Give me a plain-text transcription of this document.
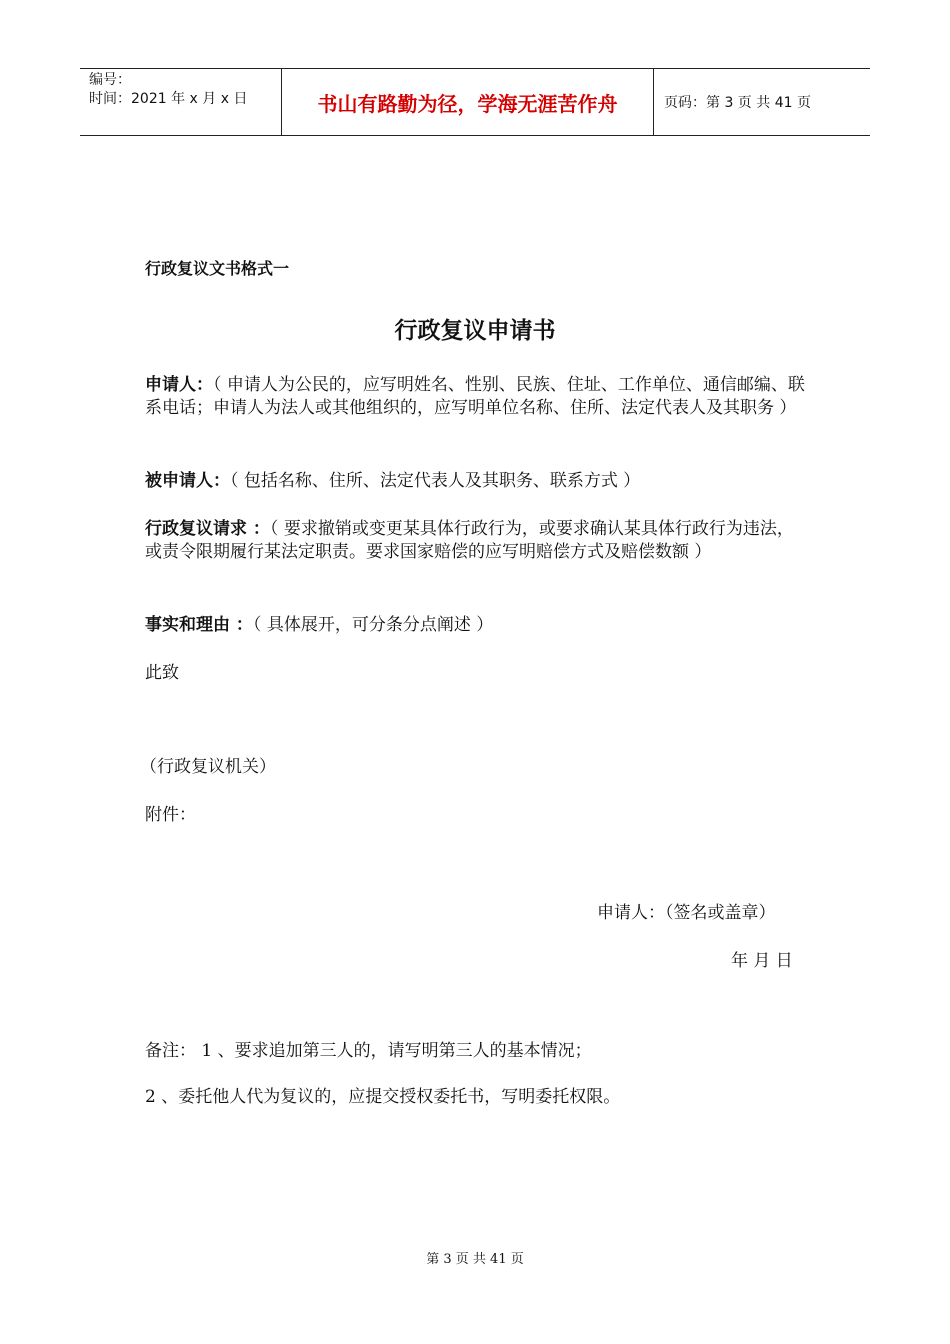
编号：
时间：2021 年 x 月 x 日	书山有路勤为径，学海无涯苦作舟	页码：第 3 页 共 41 页
行政复议文书格式一
行政复议申请书
申请人：（ 申请人为公民的，应写明姓名、性别、民族、住址、工作单位、通信邮编、联系电话；申请人为法人或其他组织的，应写明单位名称、住所、法定代表人及其职务 ）
被申请人：（ 包括名称、住所、法定代表人及其职务、联系方式 ）
行政复议请求 ：（ 要求撤销或变更某具体行政行为，或要求确认某具体行政行为违法，或责令限期履行某法定职责。要求国家赔偿的应写明赔偿方式及赔偿数额 ）
事实和理由 ：（ 具体展开，可分条分点阐述 ）
此致
（行政复议机关）
附件：
申请人：（签名或盖章）
年 月 日
备注： 1 、要求追加第三人的，请写明第三人的基本情况；
2 、委托他人代为复议的，应提交授权委托书，写明委托权限。
第 3 页 共 41 页
